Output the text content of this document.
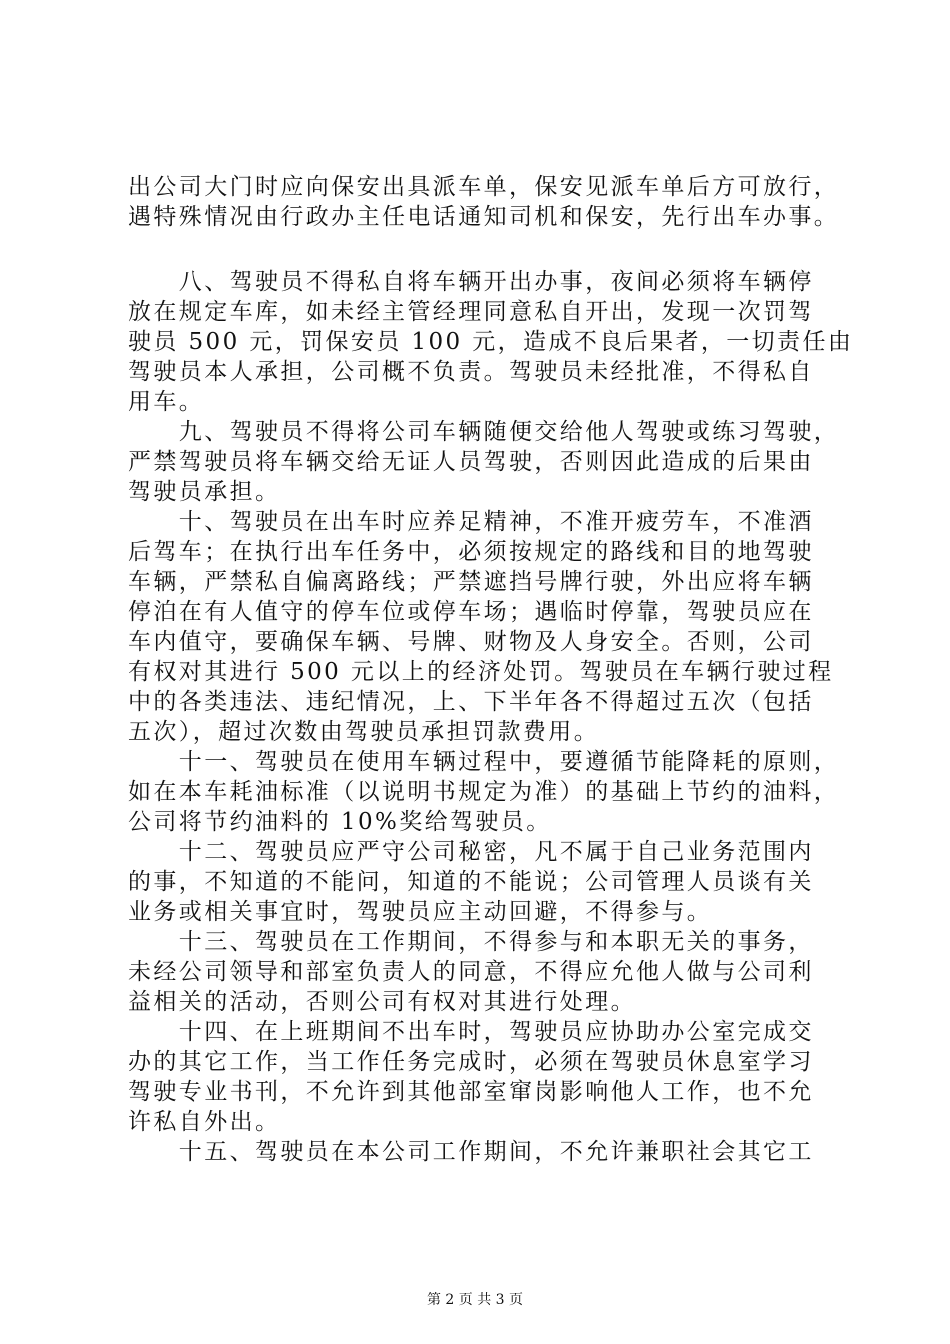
出公司大门时应向保安出具派车单，保安见派车单后方可放行，
遇特殊情况由行政办主任电话通知司机和保安，先行出车办事。
　　八、驾驶员不得私自将车辆开出办事，夜间必须将车辆停
放在规定车库，如未经主管经理同意私自开出，发现一次罚驾
驶员 500 元，罚保安员 100 元，造成不良后果者，一切责任由
驾驶员本人承担，公司概不负责。驾驶员未经批准，不得私自
用车。
　　九、驾驶员不得将公司车辆随便交给他人驾驶或练习驾驶，
严禁驾驶员将车辆交给无证人员驾驶，否则因此造成的后果由
驾驶员承担。
　　十、驾驶员在出车时应养足精神，不准开疲劳车，不准酒
后驾车；在执行出车任务中，必须按规定的路线和目的地驾驶
车辆，严禁私自偏离路线；严禁遮挡号牌行驶，外出应将车辆
停泊在有人值守的停车位或停车场；遇临时停靠，驾驶员应在
车内值守，要确保车辆、号牌、财物及人身安全。否则，公司
有权对其进行 500 元以上的经济处罚。驾驶员在车辆行驶过程
中的各类违法、违纪情况，上、下半年各不得超过五次（包括
五次），超过次数由驾驶员承担罚款费用。
　　十一、驾驶员在使用车辆过程中，要遵循节能降耗的原则，
如在本车耗油标准（以说明书规定为准）的基础上节约的油料，
公司将节约油料的 10%奖给驾驶员。
　　十二、驾驶员应严守公司秘密，凡不属于自己业务范围内
的事，不知道的不能问，知道的不能说；公司管理人员谈有关
业务或相关事宜时，驾驶员应主动回避，不得参与。
　　十三、驾驶员在工作期间，不得参与和本职无关的事务，
未经公司领导和部室负责人的同意，不得应允他人做与公司利
益相关的活动，否则公司有权对其进行处理。
　　十四、在上班期间不出车时，驾驶员应协助办公室完成交
办的其它工作，当工作任务完成时，必须在驾驶员休息室学习
驾驶专业书刊，不允许到其他部室窜岗影响他人工作，也不允
许私自外出。
　　十五、驾驶员在本公司工作期间，不允许兼职社会其它工
第 2 页 共 3 页
